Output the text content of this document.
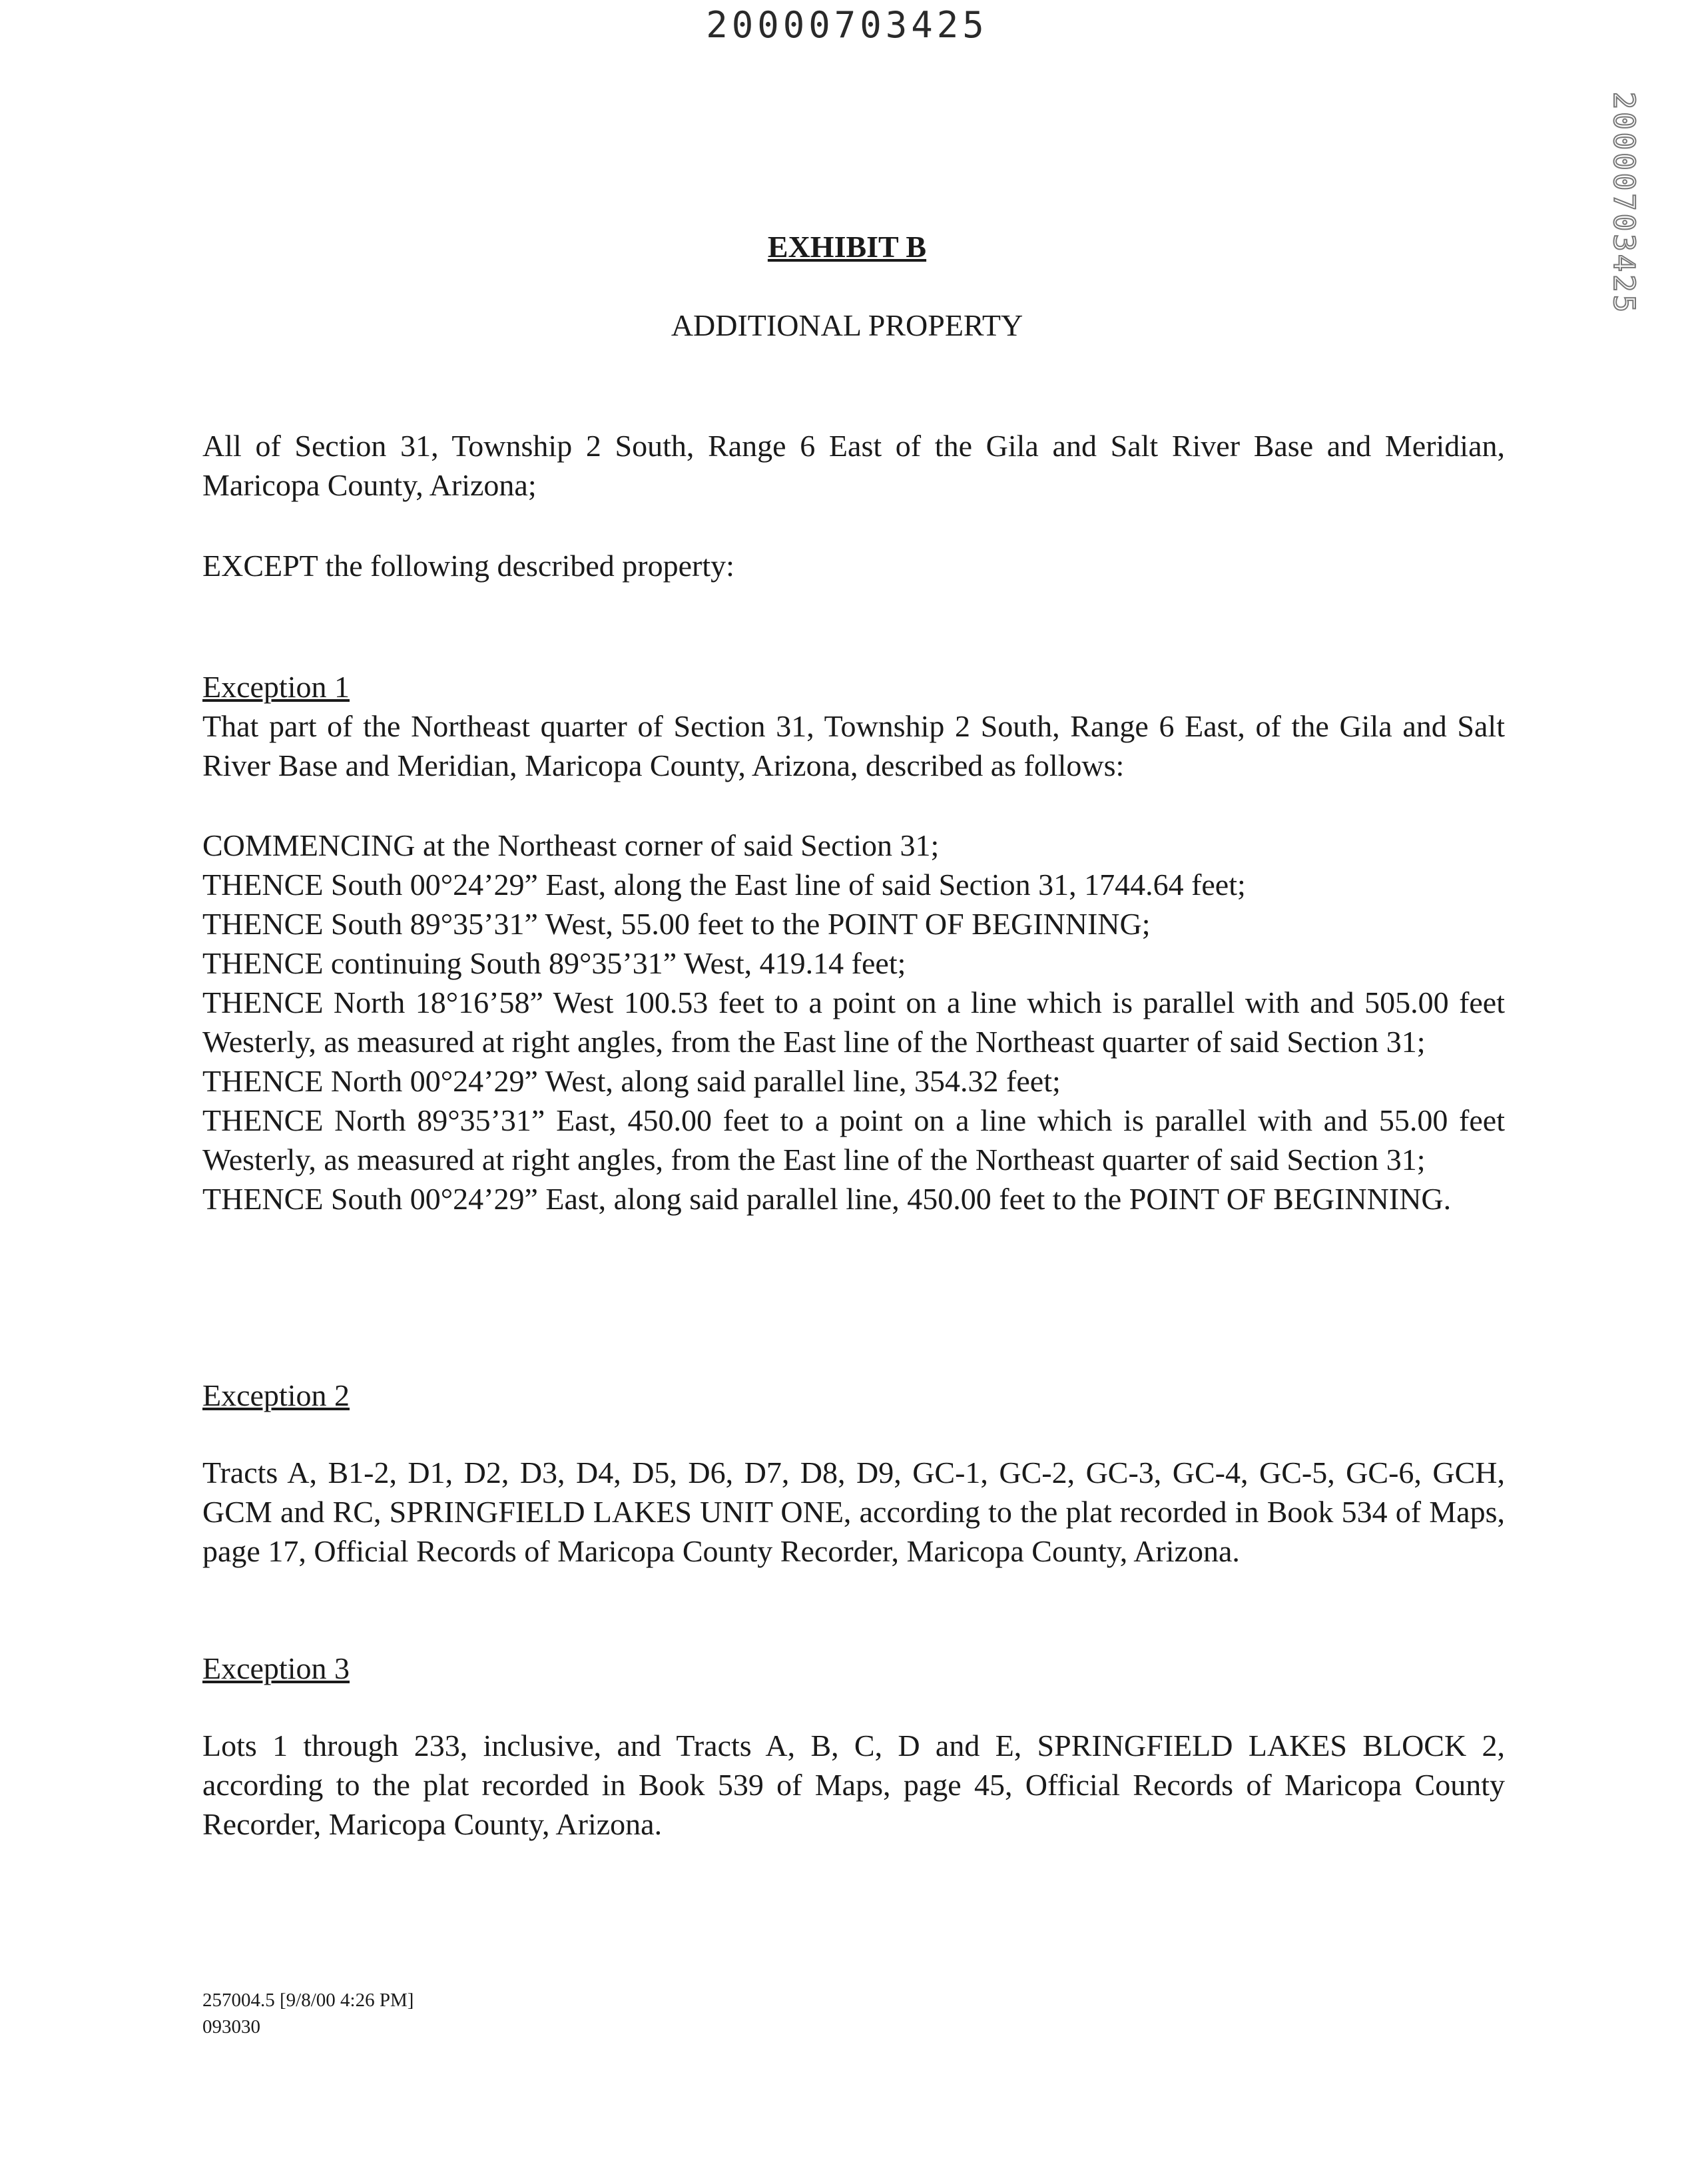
20000703425
20000703425
EXHIBIT B
ADDITIONAL PROPERTY

All of Section 31, Township 2 South, Range 6 East of the Gila and Salt River Base and Meridian, Maricopa County, Arizona;

EXCEPT the following described property:

Exception 1

That part of the Northeast quarter of Section 31, Township 2 South, Range 6 East, of the Gila and Salt River Base and Meridian, Maricopa County, Arizona, described as follows:

COMMENCING at the Northeast corner of said Section 31;
THENCE South 00°24’29” East, along the East line of said Section 31, 1744.64 feet;
THENCE South 89°35’31” West, 55.00 feet to the POINT OF BEGINNING;
THENCE continuing South 89°35’31” West, 419.14 feet;
THENCE North 18°16’58” West 100.53 feet to a point on a line which is parallel with and 505.00 feet Westerly, as measured at right angles, from the East line of the Northeast quarter of said Section 31;
THENCE North 00°24’29” West, along said parallel line, 354.32 feet;
THENCE North 89°35’31” East, 450.00 feet to a point on a line which is parallel with and 55.00 feet Westerly, as measured at right angles, from the East line of the Northeast quarter of said Section 31;
THENCE South 00°24’29” East, along said parallel line, 450.00 feet to the POINT OF BEGINNING.
Exception 2

Tracts A, B1-2, D1, D2, D3, D4, D5, D6, D7, D8, D9, GC-1, GC-2, GC-3, GC-4, GC-5, GC-6, GCH, GCM and RC, SPRINGFIELD LAKES UNIT ONE, according to the plat recorded in Book 534 of Maps, page 17, Official Records of Maricopa County Recorder, Maricopa County, Arizona.

Exception 3

Lots 1 through 233, inclusive, and Tracts A, B, C, D and E, SPRINGFIELD LAKES BLOCK 2, according to the plat recorded in Book 539 of Maps, page 45, Official Records of Maricopa County Recorder, Maricopa County, Arizona.

257004.5 [9/8/00 4:26 PM]
093030
